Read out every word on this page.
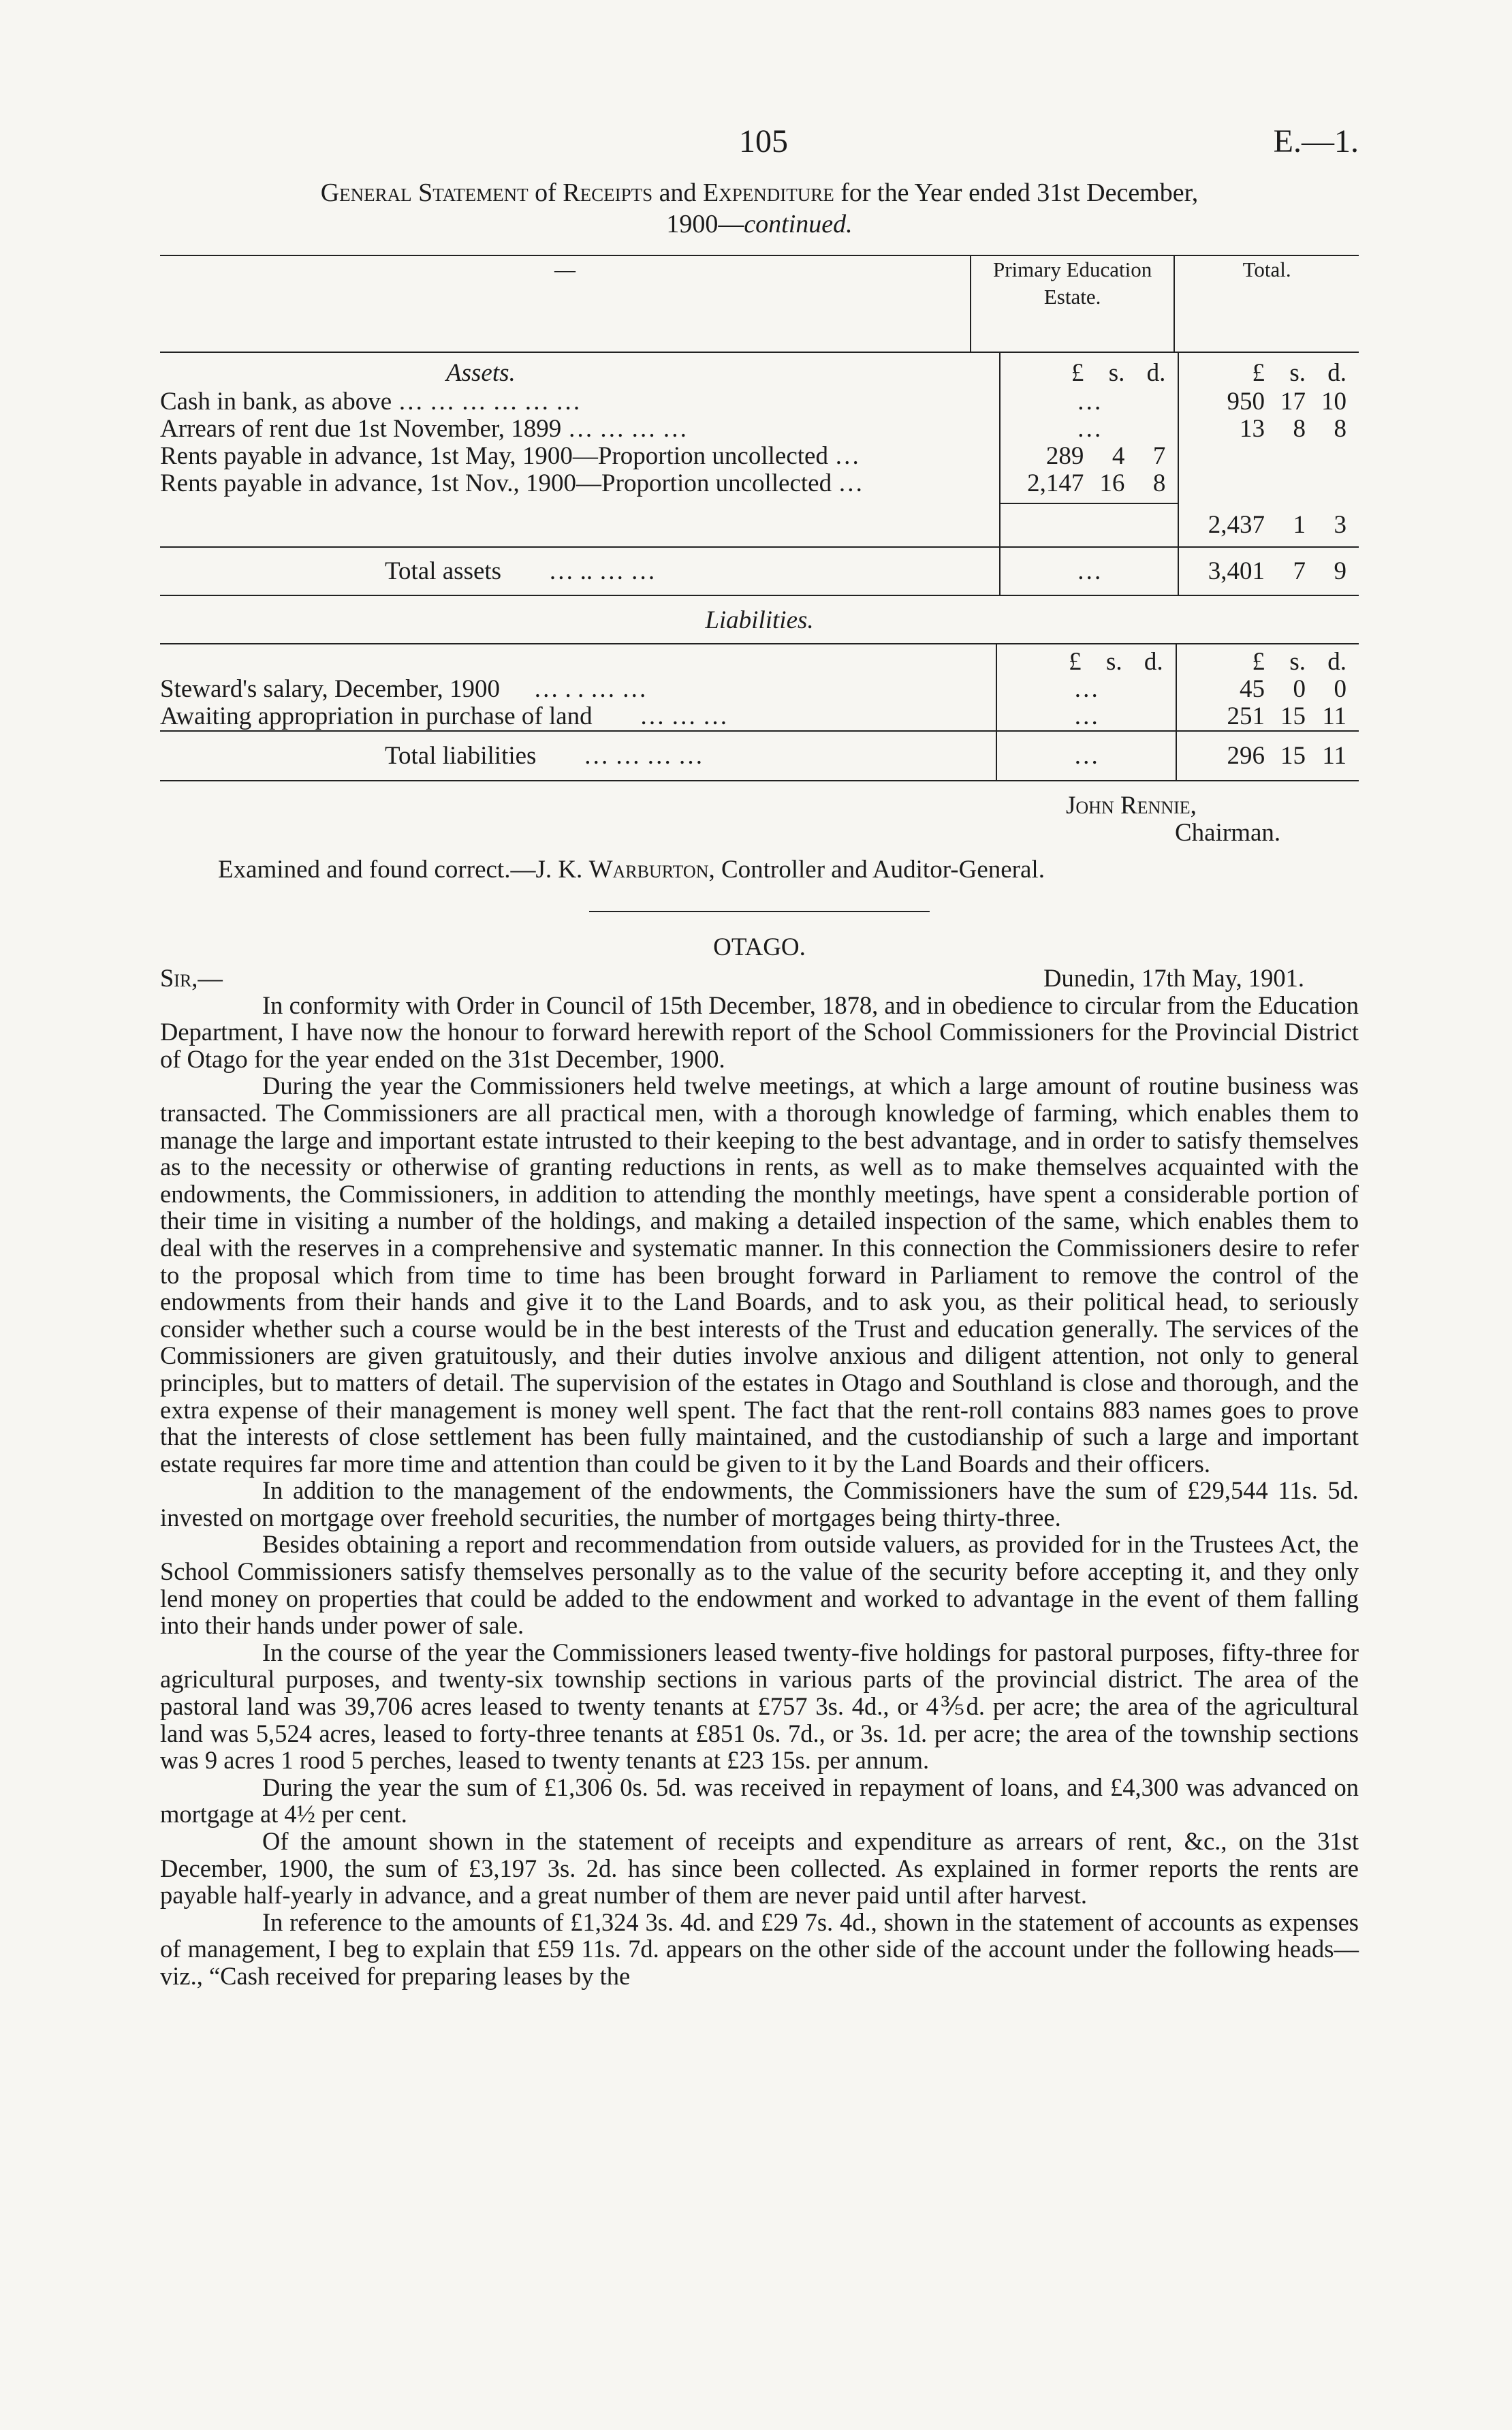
105	E.—1.
General Statement of Receipts and Expenditure for the Year ended 31st December,
1900—continued.
—	Primary Education Estate.	Total.
Assets.	£ s. d.	£ s. d.

Cash in bank, as above … … … … … …	…	950 17 10

Arrears of rent due 1st November, 1899 … … … …	…	13 8 8

Rents payable in advance, 1st May, 1900—Proportion uncollected …	289 4 7	

Rents payable in advance, 1st Nov., 1900—Proportion uncollected …	2,147 16 8	

		2,437 1 3

Total assets … .. … …	…	3,401 7 9
Liabilities.

	£ s. d.	£ s. d.

Steward's salary, December, 1900 … . . … …	…	45 0 0

Awaiting appropriation in purchase of land … … …	…	251 15 11

Total liabilities … … … …	…	296 15 11
John Rennie,
Chairman.
Examined and found correct.—J. K. Warburton, Controller and Auditor-General.
OTAGO.

Sir,—	Dunedin, 17th May, 1901.

In conformity with Order in Council of 15th December, 1878, and in obedience to circular from the Education Department, I have now the honour to forward herewith report of the School Commissioners for the Provincial District of Otago for the year ended on the 31st December, 1900.

During the year the Commissioners held twelve meetings, at which a large amount of routine business was transacted. The Commissioners are all practical men, with a thorough knowledge of farming, which enables them to manage the large and important estate intrusted to their keeping to the best advantage, and in order to satisfy themselves as to the necessity or otherwise of granting reductions in rents, as well as to make themselves acquainted with the endowments, the Commissioners, in addition to attending the monthly meetings, have spent a considerable portion of their time in visiting a number of the holdings, and making a detailed inspection of the same, which enables them to deal with the reserves in a comprehensive and systematic manner. In this connection the Commissioners desire to refer to the proposal which from time to time has been brought forward in Parliament to remove the control of the endowments from their hands and give it to the Land Boards, and to ask you, as their political head, to seriously consider whether such a course would be in the best interests of the Trust and education generally. The services of the Commissioners are given gratuitously, and their duties involve anxious and diligent attention, not only to general principles, but to matters of detail. The supervision of the estates in Otago and Southland is close and thorough, and the extra expense of their management is money well spent. The fact that the rent-roll contains 883 names goes to prove that the interests of close settlement has been fully maintained, and the custodianship of such a large and important estate requires far more time and attention than could be given to it by the Land Boards and their officers.

In addition to the management of the endowments, the Commissioners have the sum of £29,544 11s. 5d. invested on mortgage over freehold securities, the number of mortgages being thirty-three.

Besides obtaining a report and recommendation from outside valuers, as provided for in the Trustees Act, the School Commissioners satisfy themselves personally as to the value of the security before accepting it, and they only lend money on properties that could be added to the endowment and worked to advantage in the event of them falling into their hands under power of sale.

In the course of the year the Commissioners leased twenty-five holdings for pastoral purposes, fifty-three for agricultural purposes, and twenty-six township sections in various parts of the provincial district. The area of the pastoral land was 39,706 acres leased to twenty tenants at £757 3s. 4d., or 4⅗d. per acre; the area of the agricultural land was 5,524 acres, leased to forty-three tenants at £851 0s. 7d., or 3s. 1d. per acre; the area of the township sections was 9 acres 1 rood 5 perches, leased to twenty tenants at £23 15s. per annum.

During the year the sum of £1,306 0s. 5d. was received in repayment of loans, and £4,300 was advanced on mortgage at 4½ per cent.

Of the amount shown in the statement of receipts and expenditure as arrears of rent, &c., on the 31st December, 1900, the sum of £3,197 3s. 2d. has since been collected. As explained in former reports the rents are payable half-yearly in advance, and a great number of them are never paid until after harvest.

In reference to the amounts of £1,324 3s. 4d. and £29 7s. 4d., shown in the statement of accounts as expenses of management, I beg to explain that £59 11s. 7d. appears on the other side of the account under the following heads—viz., “Cash received for preparing leases by the
